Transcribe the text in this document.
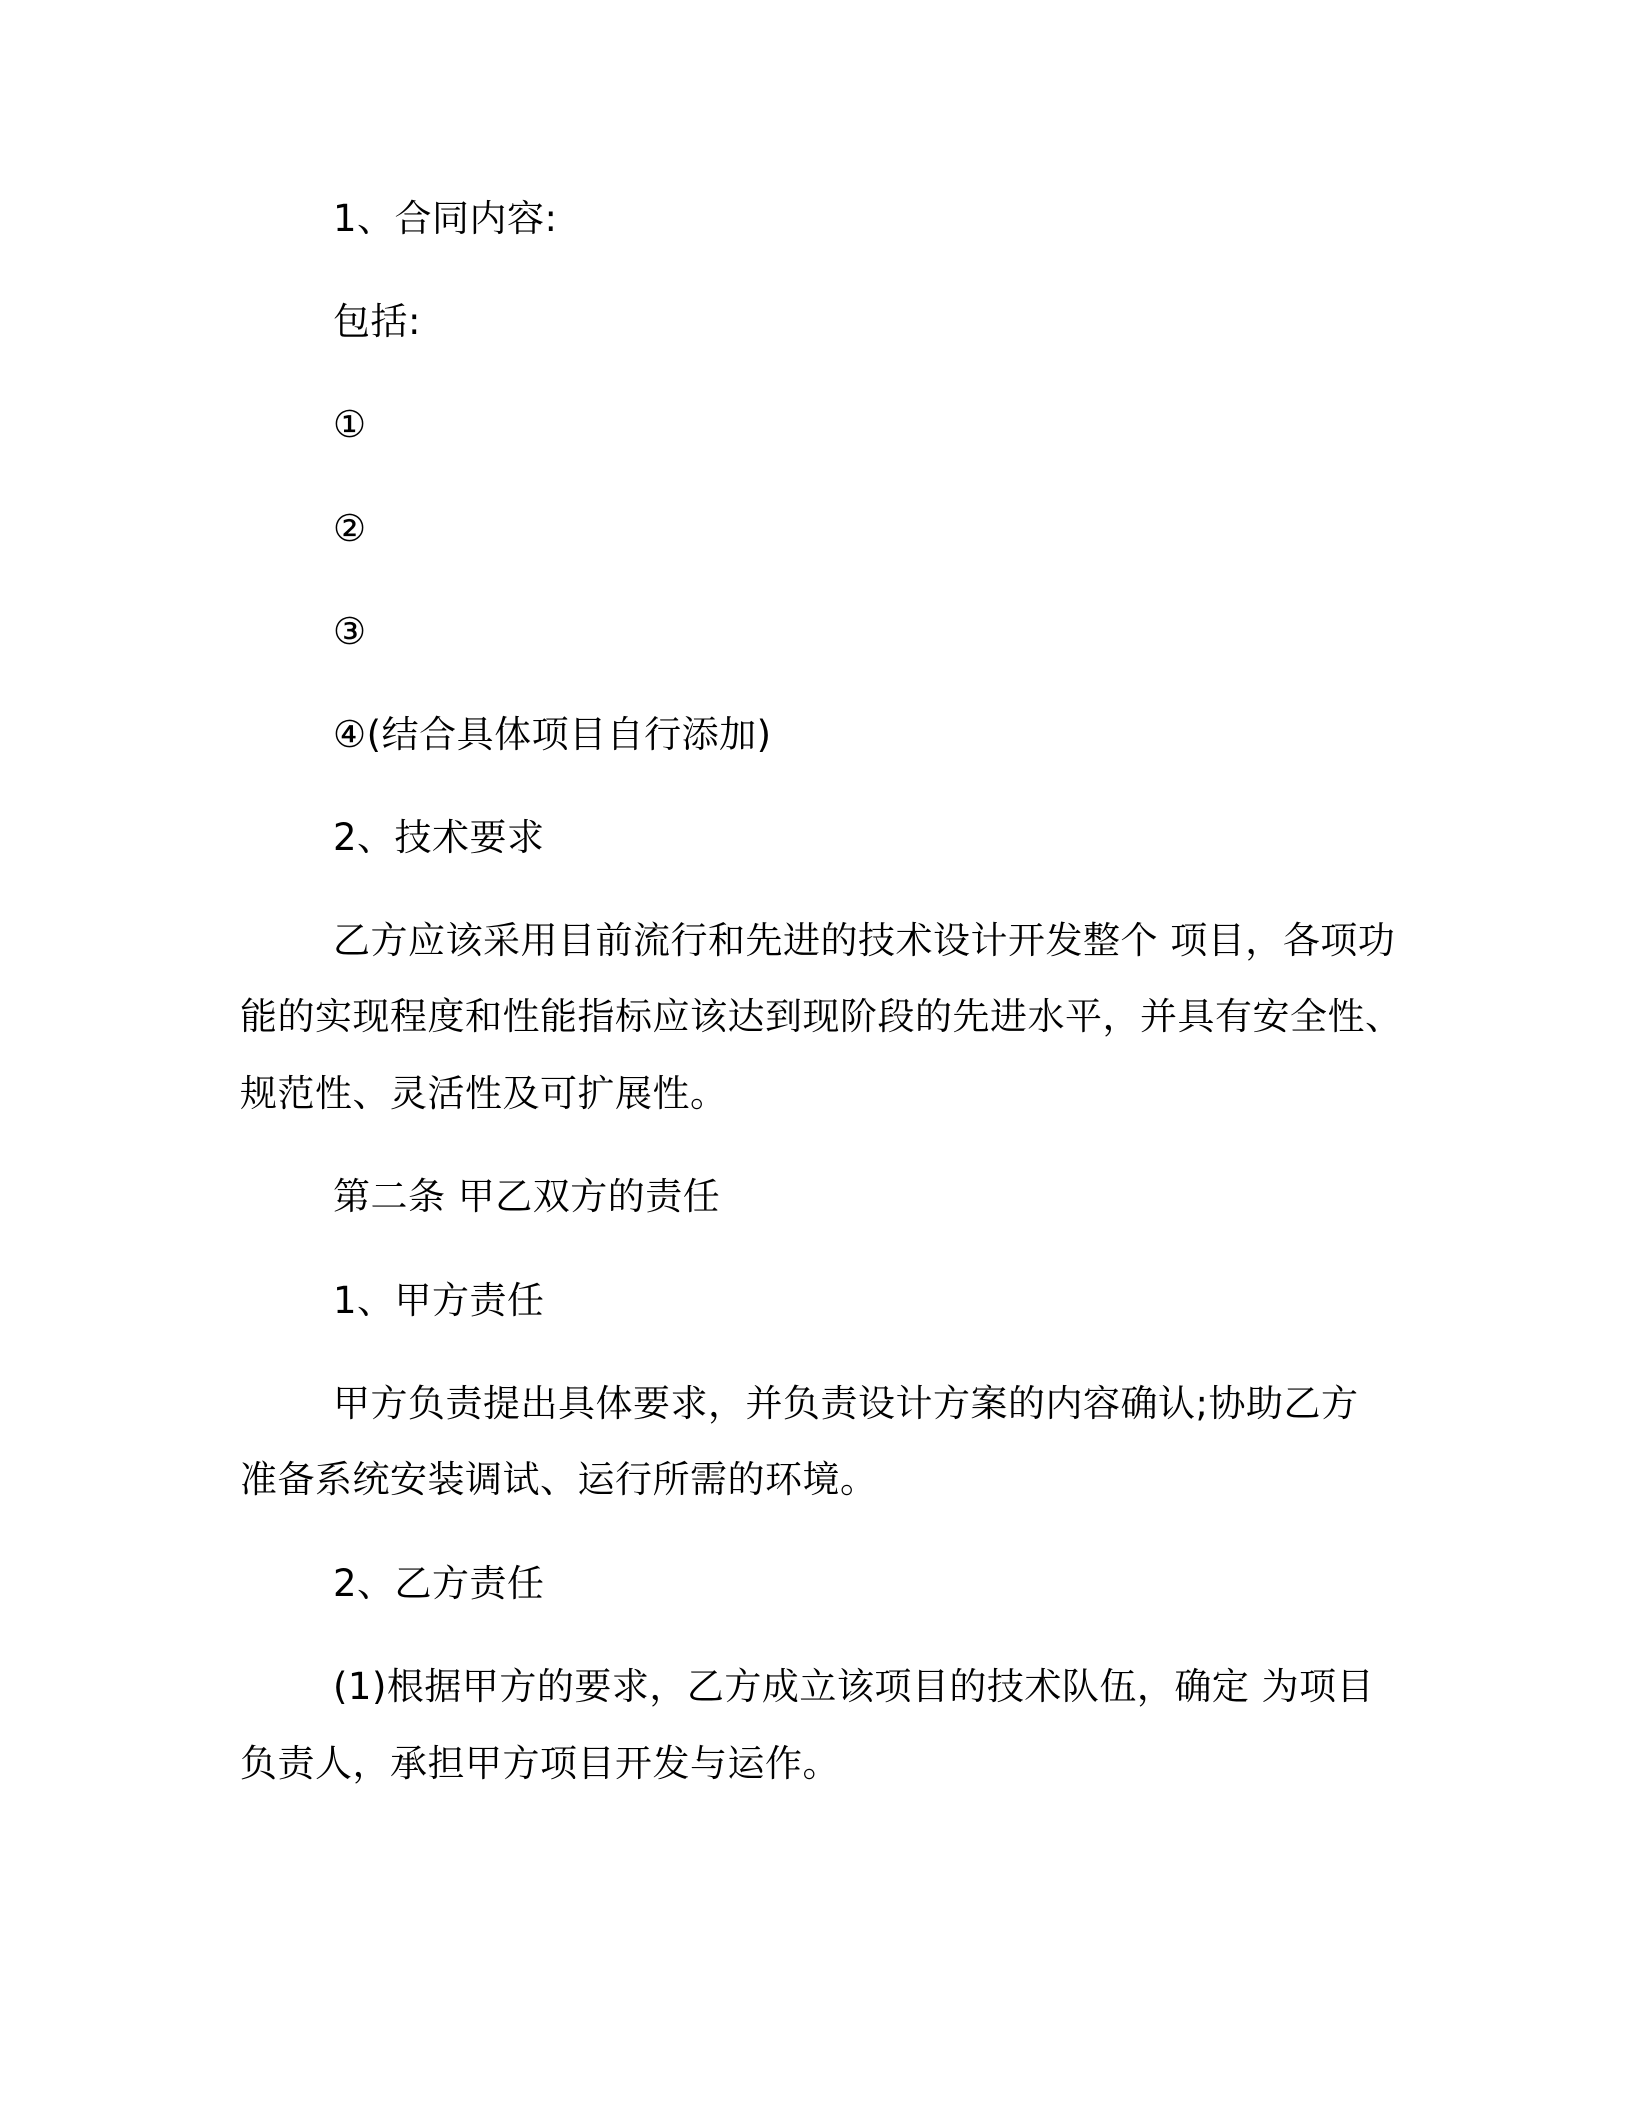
1、合同内容:
包括:
①
②
③
④(结合具体项目自行添加)
2、技术要求
乙方应该采用目前流行和先进的技术设计开发整个 项目，各项功
能的实现程度和性能指标应该达到现阶段的先进水平，并具有安全性、
规范性、灵活性及可扩展性。
第二条 甲乙双方的责任
1、甲方责任
甲方负责提出具体要求，并负责设计方案的内容确认;协助乙方
准备系统安装调试、运行所需的环境。
2、乙方责任
(1)根据甲方的要求，乙方成立该项目的技术队伍，确定 为项目
负责人，承担甲方项目开发与运作。
